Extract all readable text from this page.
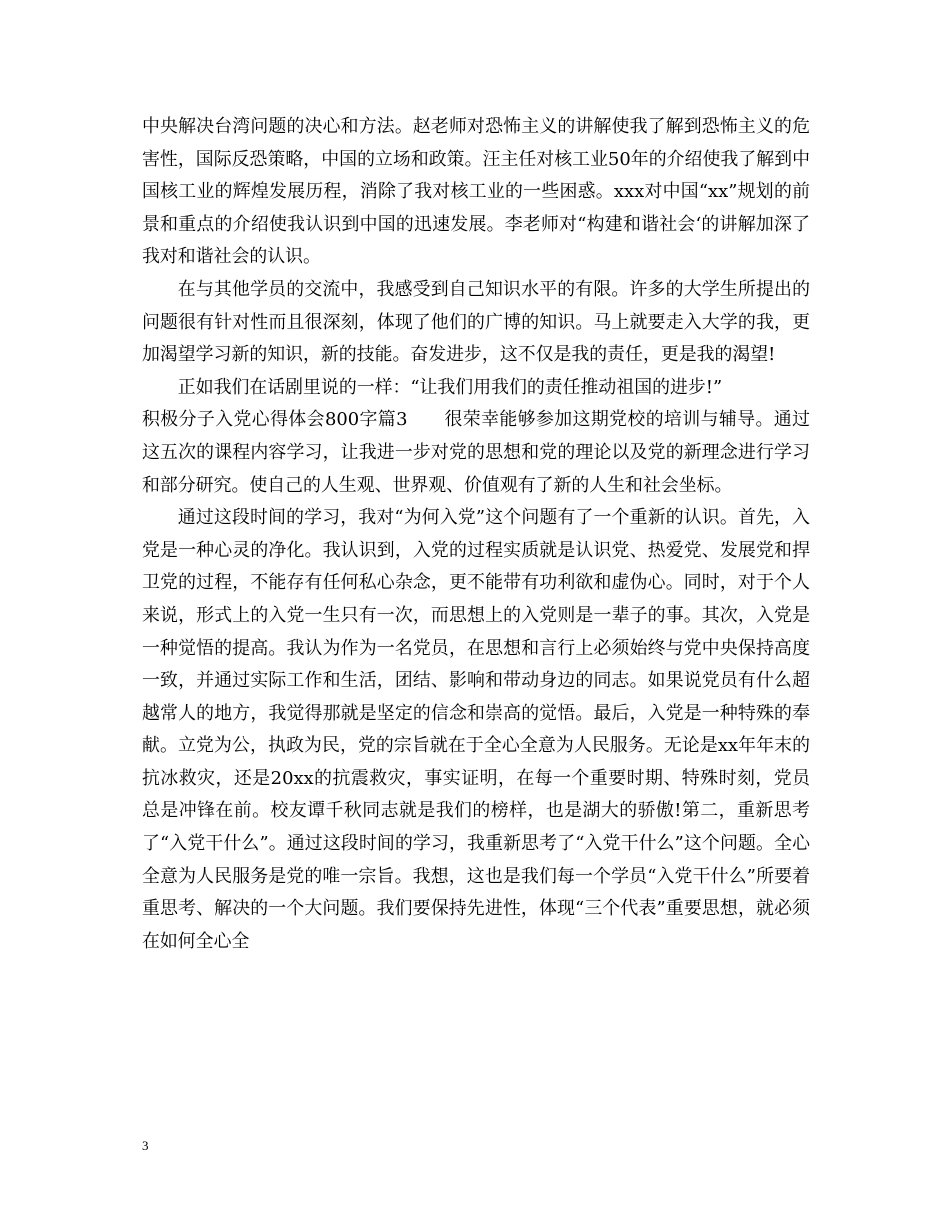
中央解决台湾问题的决心和方法。赵老师对恐怖主义的讲解使我了解到恐怖主义的危害性，国际反恐策略，中国的立场和政策。汪主任对核工业50年的介绍使我了解到中国核工业的辉煌发展历程，消除了我对核工业的一些困惑。xxx对中国“xx”规划的前景和重点的介绍使我认识到中国的迅速发展。李老师对“构建和谐社会‘的讲解加深了我对和谐社会的认识。

在与其他学员的交流中，我感受到自己知识水平的有限。许多的大学生所提出的问题很有针对性而且很深刻，体现了他们的广博的知识。马上就要走入大学的我，更加渴望学习新的知识，新的技能。奋发进步，这不仅是我的责任，更是我的渴望!

正如我们在话剧里说的一样：“让我们用我们的责任推动祖国的进步!”

积极分子入党心得体会800字篇3　　很荣幸能够参加这期党校的培训与辅导。通过这五次的课程内容学习，让我进一步对党的思想和党的理论以及党的新理念进行学习和部分研究。使自己的人生观、世界观、价值观有了新的人生和社会坐标。

通过这段时间的学习，我对“为何入党”这个问题有了一个重新的认识。首先，入党是一种心灵的净化。我认识到，入党的过程实质就是认识党、热爱党、发展党和捍卫党的过程，不能存有任何私心杂念，更不能带有功利欲和虚伪心。同时，对于个人来说，形式上的入党一生只有一次，而思想上的入党则是一辈子的事。其次，入党是一种觉悟的提高。我认为作为一名党员，在思想和言行上必须始终与党中央保持高度一致，并通过实际工作和生活，团结、影响和带动身边的同志。如果说党员有什么超越常人的地方，我觉得那就是坚定的信念和崇高的觉悟。最后，入党是一种特殊的奉献。立党为公，执政为民，党的宗旨就在于全心全意为人民服务。无论是xx年年末的抗冰救灾，还是20xx的抗震救灾，事实证明，在每一个重要时期、特殊时刻，党员总是冲锋在前。校友谭千秋同志就是我们的榜样，也是湖大的骄傲!第二，重新思考了“入党干什么”。通过这段时间的学习，我重新思考了“入党干什么”这个问题。全心全意为人民服务是党的唯一宗旨。我想，这也是我们每一个学员“入党干什么”所要着重思考、解决的一个大问题。我们要保持先进性，体现“三个代表”重要思想，就必须在如何全心全

3
